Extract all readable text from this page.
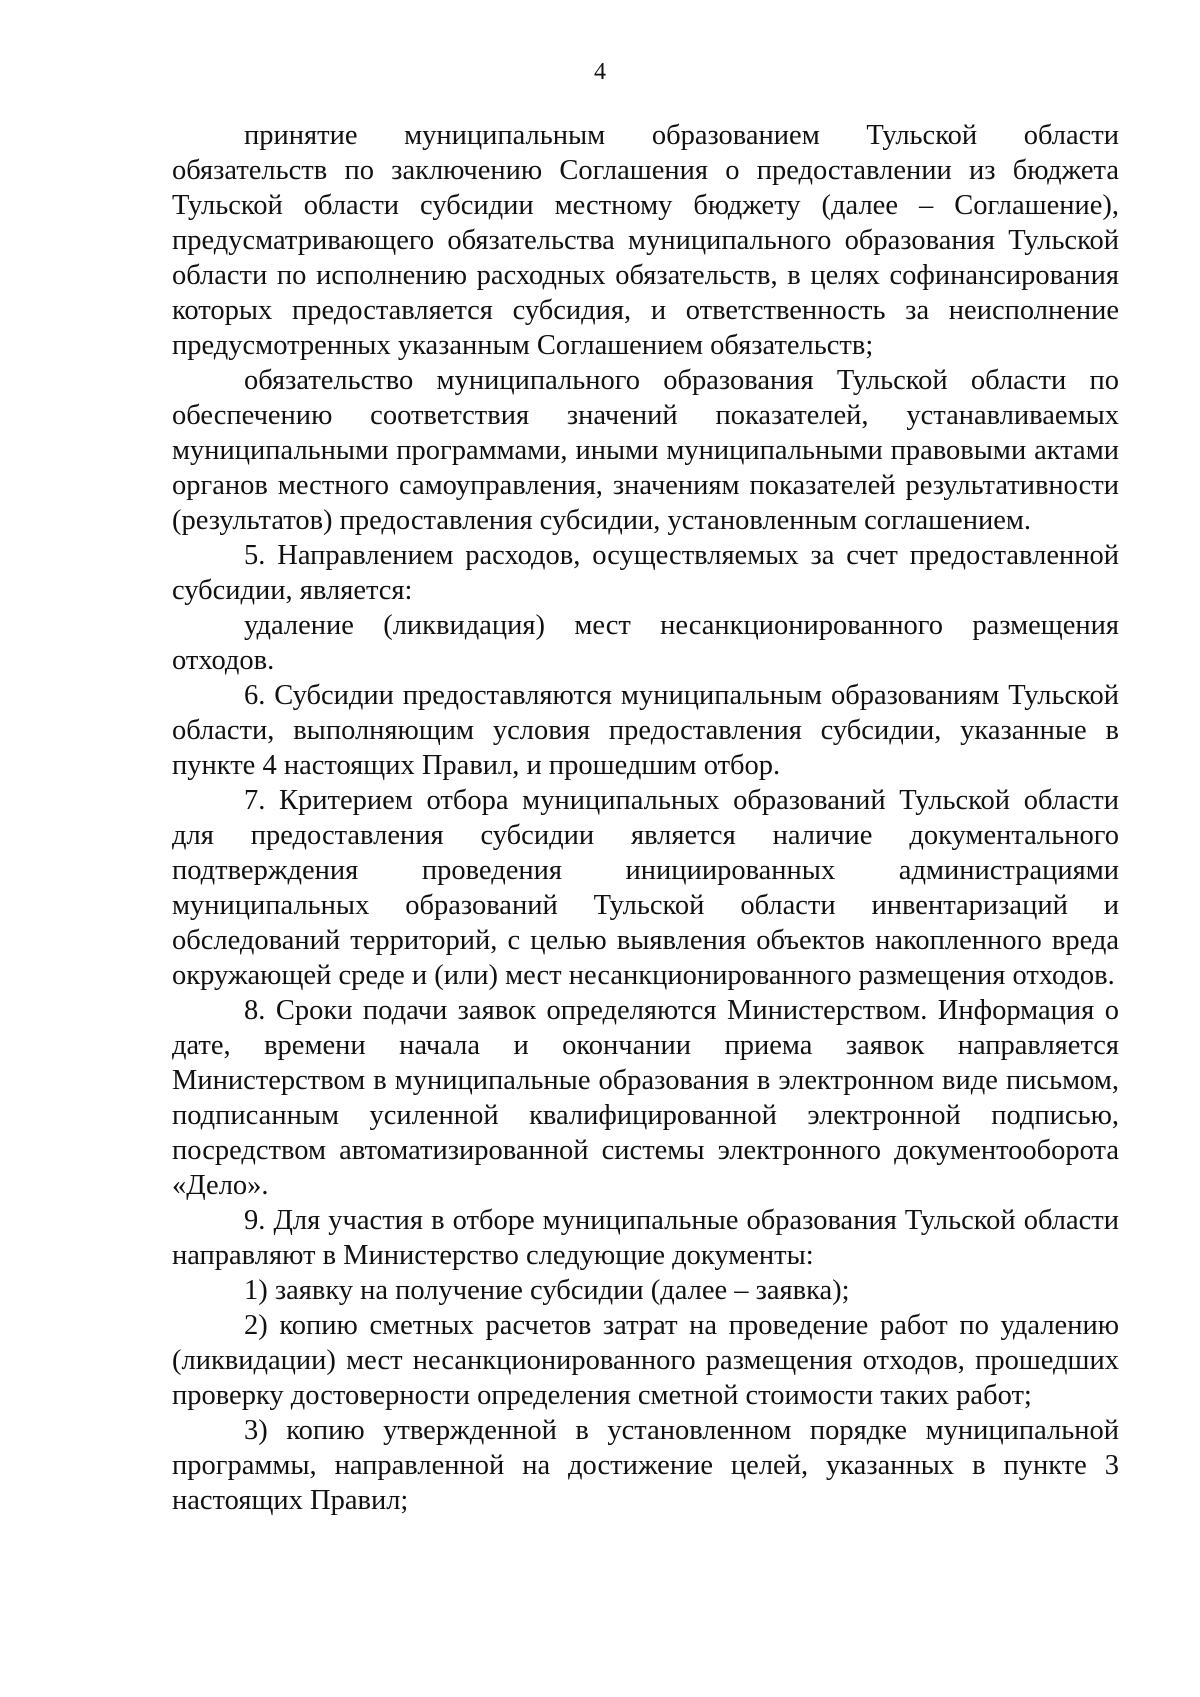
4

принятие муниципальным образованием Тульской области обязательств по заключению Соглашения о предоставлении из бюджета Тульской области субсидии местному бюджету (далее – Соглашение), предусматривающего обязательства муниципального образования Тульской области по исполнению расходных обязательств, в целях софинансирования которых предоставляется субсидия, и ответственность за неисполнение предусмотренных указанным Соглашением обязательств;

обязательство муниципального образования Тульской области по обеспечению соответствия значений показателей, устанавливаемых муниципальными программами, иными муниципальными правовыми актами органов местного самоуправления, значениям показателей результативности (результатов) предоставления субсидии, установленным соглашением.

5. Направлением расходов, осуществляемых за счет предоставленной субсидии, является:

удаление (ликвидация) мест несанкционированного размещения отходов.

6. Субсидии предоставляются муниципальным образованиям Тульской области, выполняющим условия предоставления субсидии, указанные в пункте 4 настоящих Правил, и прошедшим отбор.

7. Критерием отбора муниципальных образований Тульской области для предоставления субсидии является наличие документального подтверждения проведения инициированных администрациями муниципальных образований Тульской области инвентаризаций и обследований территорий, с целью выявления объектов накопленного вреда окружающей среде и (или) мест несанкционированного размещения отходов.

8. Сроки подачи заявок определяются Министерством. Информация о дате, времени начала и окончании приема заявок направляется Министерством в муниципальные образования в электронном виде письмом, подписанным усиленной квалифицированной электронной подписью, посредством автоматизированной системы электронного документооборота «Дело».

9. Для участия в отборе муниципальные образования Тульской области направляют в Министерство следующие документы:

1) заявку на получение субсидии (далее – заявка);

2) копию сметных расчетов затрат на проведение работ по удалению (ликвидации) мест несанкционированного размещения отходов, прошедших проверку достоверности определения сметной стоимости таких работ;

3) копию утвержденной в установленном порядке муниципальной программы, направленной на достижение целей, указанных в пункте 3 настоящих Правил;
